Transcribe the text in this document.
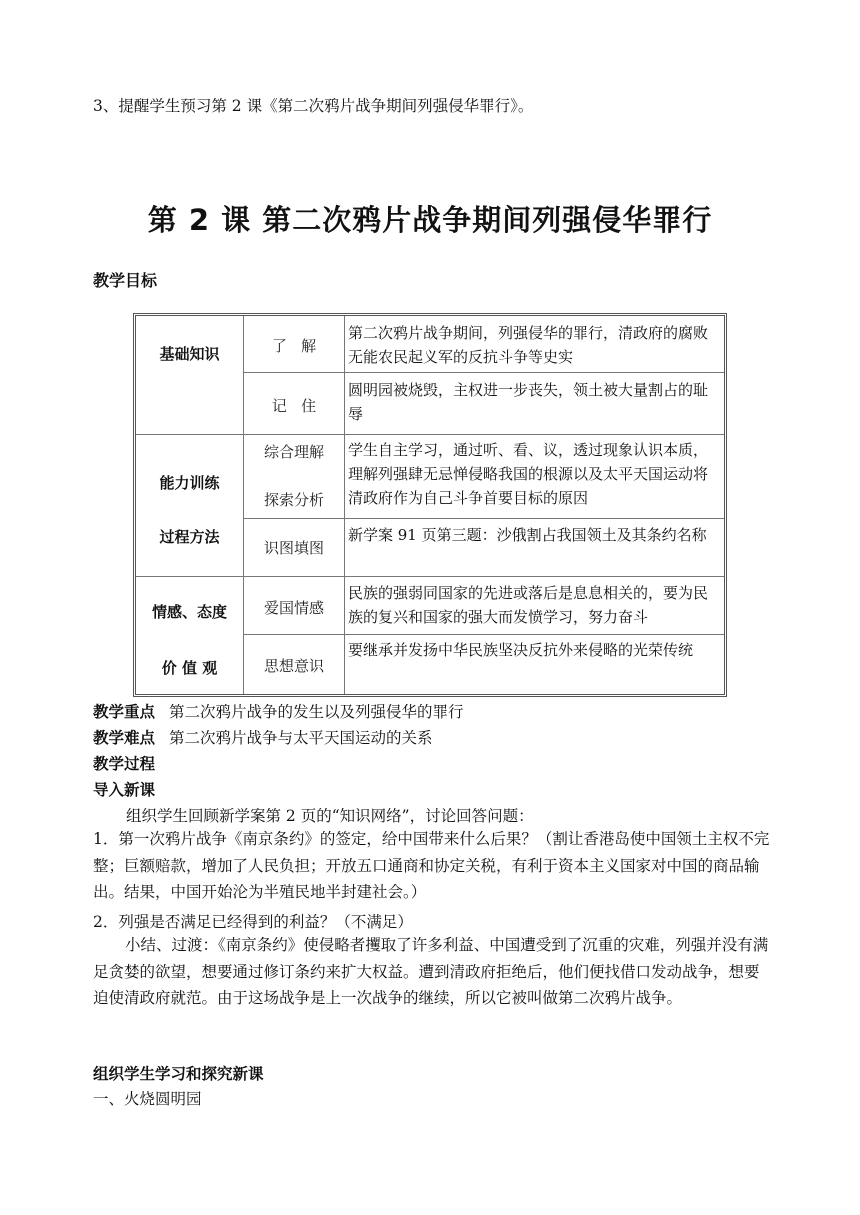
3、提醒学生预习第 2 课《第二次鸦片战争期间列强侵华罪行》。
第 2 课 第二次鸦片战争期间列强侵华罪行
教学目标
基础知识
能力训练
过程方法
情感、态度
价 值 观
了   解
记   住
综合理解
探索分析
识图填图
爱国情感
思想意识
第二次鸦片战争期间，列强侵华的罪行，清政府的腐败无能农民起义军的反抗斗争等史实
圆明园被烧毁，主权进一步丧失，领土被大量割占的耻辱
学生自主学习，通过听、看、议，透过现象认识本质，理解列强肆无忌惮侵略我国的根源以及太平天国运动将清政府作为自己斗争首要目标的原因
新学案 91 页第三题：沙俄割占我国领土及其条约名称
民族的强弱同国家的先进或落后是息息相关的，要为民族的复兴和国家的强大而发愤学习，努力奋斗
要继承并发扬中华民族坚决反抗外来侵略的光荣传统
教学重点 第二次鸦片战争的发生以及列强侵华的罪行
教学难点 第二次鸦片战争与太平天国运动的关系
教学过程
导入新课
组织学生回顾新学案第 2 页的“知识网络”，讨论回答问题：
1．第一次鸦片战争《南京条约》的签定，给中国带来什么后果？（割让香港岛使中国领土主权不完整；巨额赔款，增加了人民负担；开放五口通商和协定关税，有利于资本主义国家对中国的商品输出。结果，中国开始沦为半殖民地半封建社会。）
2．列强是否满足已经得到的利益？（不满足）
小结、过渡：《南京条约》使侵略者攫取了许多利益、中国遭受到了沉重的灾难，列强并没有满足贪婪的欲望，想要通过修订条约来扩大权益。遭到清政府拒绝后，他们便找借口发动战争，想要迫使清政府就范。由于这场战争是上一次战争的继续，所以它被叫做第二次鸦片战争。
组织学生学习和探究新课
一、火烧圆明园
